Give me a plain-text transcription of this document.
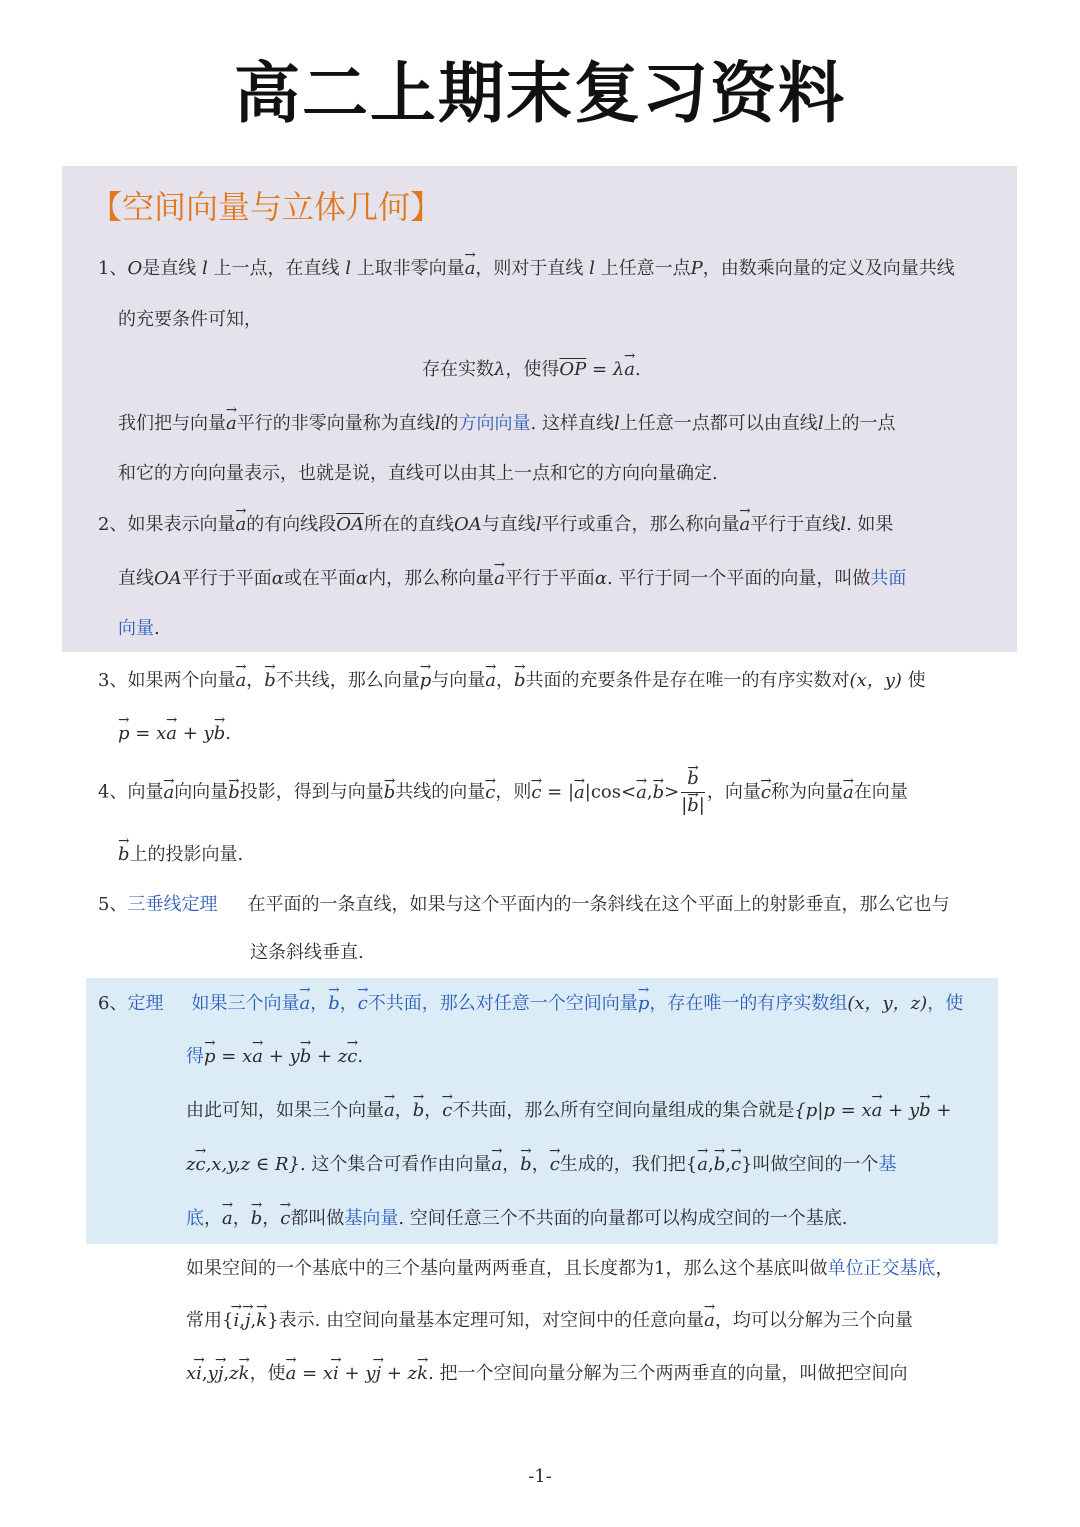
高二上期末复习资料
【空间向量与立体几何】
1、O是直线 l 上一点，在直线 l 上取非零向量→ a，则对于直线 l 上任意一点P，由数乘向量的定义及向量共线
的充要条件可知，
存在实数λ，使得$\overline{OP} = \lambda\to a$.
我们把与向量→ a平行的非零向量称为直线l的方向向量. 这样直线l上任意一点都可以由直线l上的一点
和它的方向向量表示，也就是说，直线可以由其上一点和它的方向向量确定.
2、如果表示向量→ a的有向线段$\overline{OA}$所在的直线OA与直线l平行或重合，那么称向量→ a平行于直线l. 如果
直线OA平行于平面α或在平面α内，那么称向量→ a平行于平面α. 平行于同一个平面的向量，叫做共面
向量.
3、如果两个向量→ a，→ b不共线，那么向量→ p与向量→ a，→ b共面的充要条件是存在唯一的有序实数对(x，y) 使
→ p = x→ a + y→ b.
4、向量→ a向向量→ b投影，得到与向量→ b共线的向量→ c，则→ c = |→ $a|\cos<\to a,\to b> \to \frac{b}{|\to b|}$ ，向量→ c称为向量→ a在向量
→ b上的投影向量.
5、三垂线定理 在平面的一条直线，如果与这个平面内的一条斜线在这个平面上的射影垂直，那么它也与
这条斜线垂直.
6、定理 如果三个向量→ a，→ b，→ c不共面，那么对任意一个空间向量→ p，存在唯一的有序实数组(x，y，z)，使
得→ p = x→ a + y→ b + z→ c.
由此可知，如果三个向量→ a，→ b，→ c不共面，那么所有空间向量组成的集合就是{p|p = x→ a + y→ b +
z→ c,x,y,z ∈ R}. 这个集合可看作由向量→ a，→ b，→ c生成的，我们把{→ a,→ b,→ c}叫做空间的一个基
底，→ a，→ b，→ c都叫做基向量. 空间任意三个不共面的向量都可以构成空间的一个基底.
如果空间的一个基底中的三个基向量两两垂直，且长度都为1，那么这个基底叫做单位正交基底，
常用{→ i,→ j,→ k}表示. 由空间向量基本定理可知，对空间中的任意向量→ a，均可以分解为三个向量
x→ i,y→ j,z→ k，使→ a = x→ i + y→ j + z→ k. 把一个空间向量分解为三个两两垂直的向量，叫做把空间向
-1-
